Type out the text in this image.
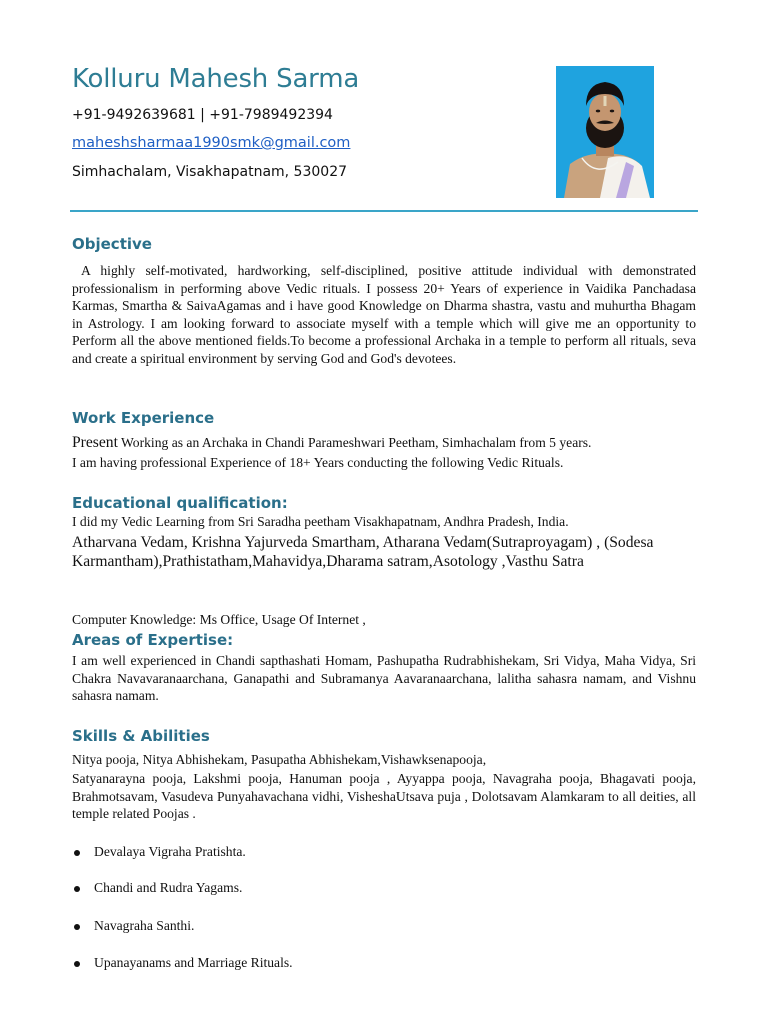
Kolluru Mahesh Sarma

+91-9492639681 | +91-7989492394

maheshsharmaa1990smk@gmail.com

Simhachalam, Visakhapatnam, 530027

Objective

A highly self-motivated, hardworking, self-disciplined, positive attitude individual with demonstrated professionalism in performing above Vedic rituals. I possess 20+ Years of experience in Vaidika Panchadasa Karmas, Smartha & SaivaAgamas and i have good Knowledge on Dharma shastra, vastu and muhurtha Bhagam in Astrology. I am looking forward to associate myself with a temple which will give me an opportunity to Perform all the above mentioned fields.To become a professional Archaka in a temple to perform all rituals, seva and create a spiritual environment by serving God and God's devotees.

Work Experience

Present Working as an Archaka in Chandi Parameshwari Peetham, Simhachalam from 5 years.

I am having professional Experience of 18+ Years conducting the following Vedic Rituals.

Educational qualification:

I did my Vedic Learning from Sri Saradha peetham Visakhapatnam, Andhra Pradesh, India.

Atharvana Vedam, Krishna Yajurveda Smartham, Atharana Vedam(Sutraproyagam) , (Sodesa Karmantham),Prathistatham,Mahavidya,Dharama satram,Asotology ,Vasthu Satra

Computer Knowledge: Ms Office, Usage Of Internet ,

Areas of Expertise:

I am well experienced in Chandi sapthashati Homam, Pashupatha Rudrabhishekam, Sri Vidya, Maha Vidya, Sri Chakra Navavaranaarchana, Ganapathi and Subramanya Aavaranaarchana, lalitha sahasra namam, and Vishnu sahasra namam.

Skills & Abilities

Nitya pooja, Nitya Abhishekam, Pasupatha Abhishekam,Vishawksenapooja,

Satyanarayna pooja, Lakshmi pooja, Hanuman pooja , Ayyappa pooja, Navagraha pooja, Bhagavati pooja, Brahmotsavam, Vasudeva Punyahavachana vidhi, VisheshaUtsava puja , Dolotsavam Alamkaram to all deities, all temple related Poojas .

Devalaya Vigraha Pratishta.
Chandi and Rudra Yagams.
Navagraha Santhi.
Upanayanams and Marriage Rituals.
